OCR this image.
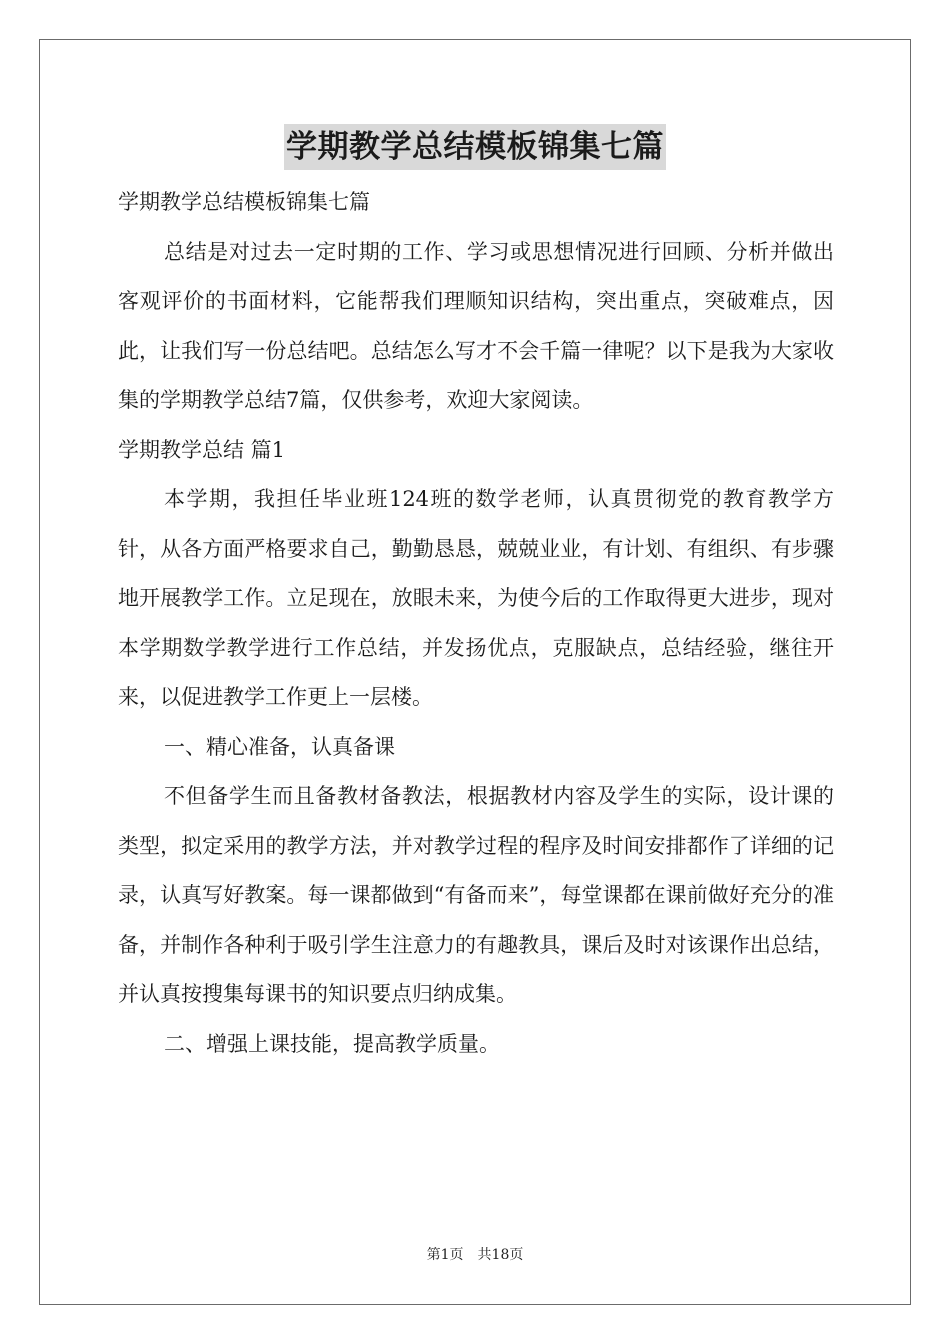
学期教学总结模板锦集七篇

学期教学总结模板锦集七篇

总结是对过去一定时期的工作、学习或思想情况进行回顾、分析并做出客观评价的书面材料，它能帮我们理顺知识结构，突出重点，突破难点，因此，让我们写一份总结吧。总结怎么写才不会千篇一律呢？以下是我为大家收集的学期教学总结7篇，仅供参考，欢迎大家阅读。

学期教学总结 篇1

本学期，我担任毕业班124班的数学老师，认真贯彻党的教育教学方针，从各方面严格要求自己，勤勤恳恳，兢兢业业，有计划、有组织、有步骤地开展教学工作。立足现在，放眼未来，为使今后的工作取得更大进步，现对本学期数学教学进行工作总结，并发扬优点，克服缺点，总结经验，继往开来，以促进教学工作更上一层楼。

一、精心准备，认真备课

不但备学生而且备教材备教法，根据教材内容及学生的实际，设计课的类型，拟定采用的教学方法，并对教学过程的程序及时间安排都作了详细的记录，认真写好教案。每一课都做到“有备而来”，每堂课都在课前做好充分的准备，并制作各种利于吸引学生注意力的有趣教具，课后及时对该课作出总结，并认真按搜集每课书的知识要点归纳成集。

二、增强上课技能，提高教学质量。

第1页　共18页
